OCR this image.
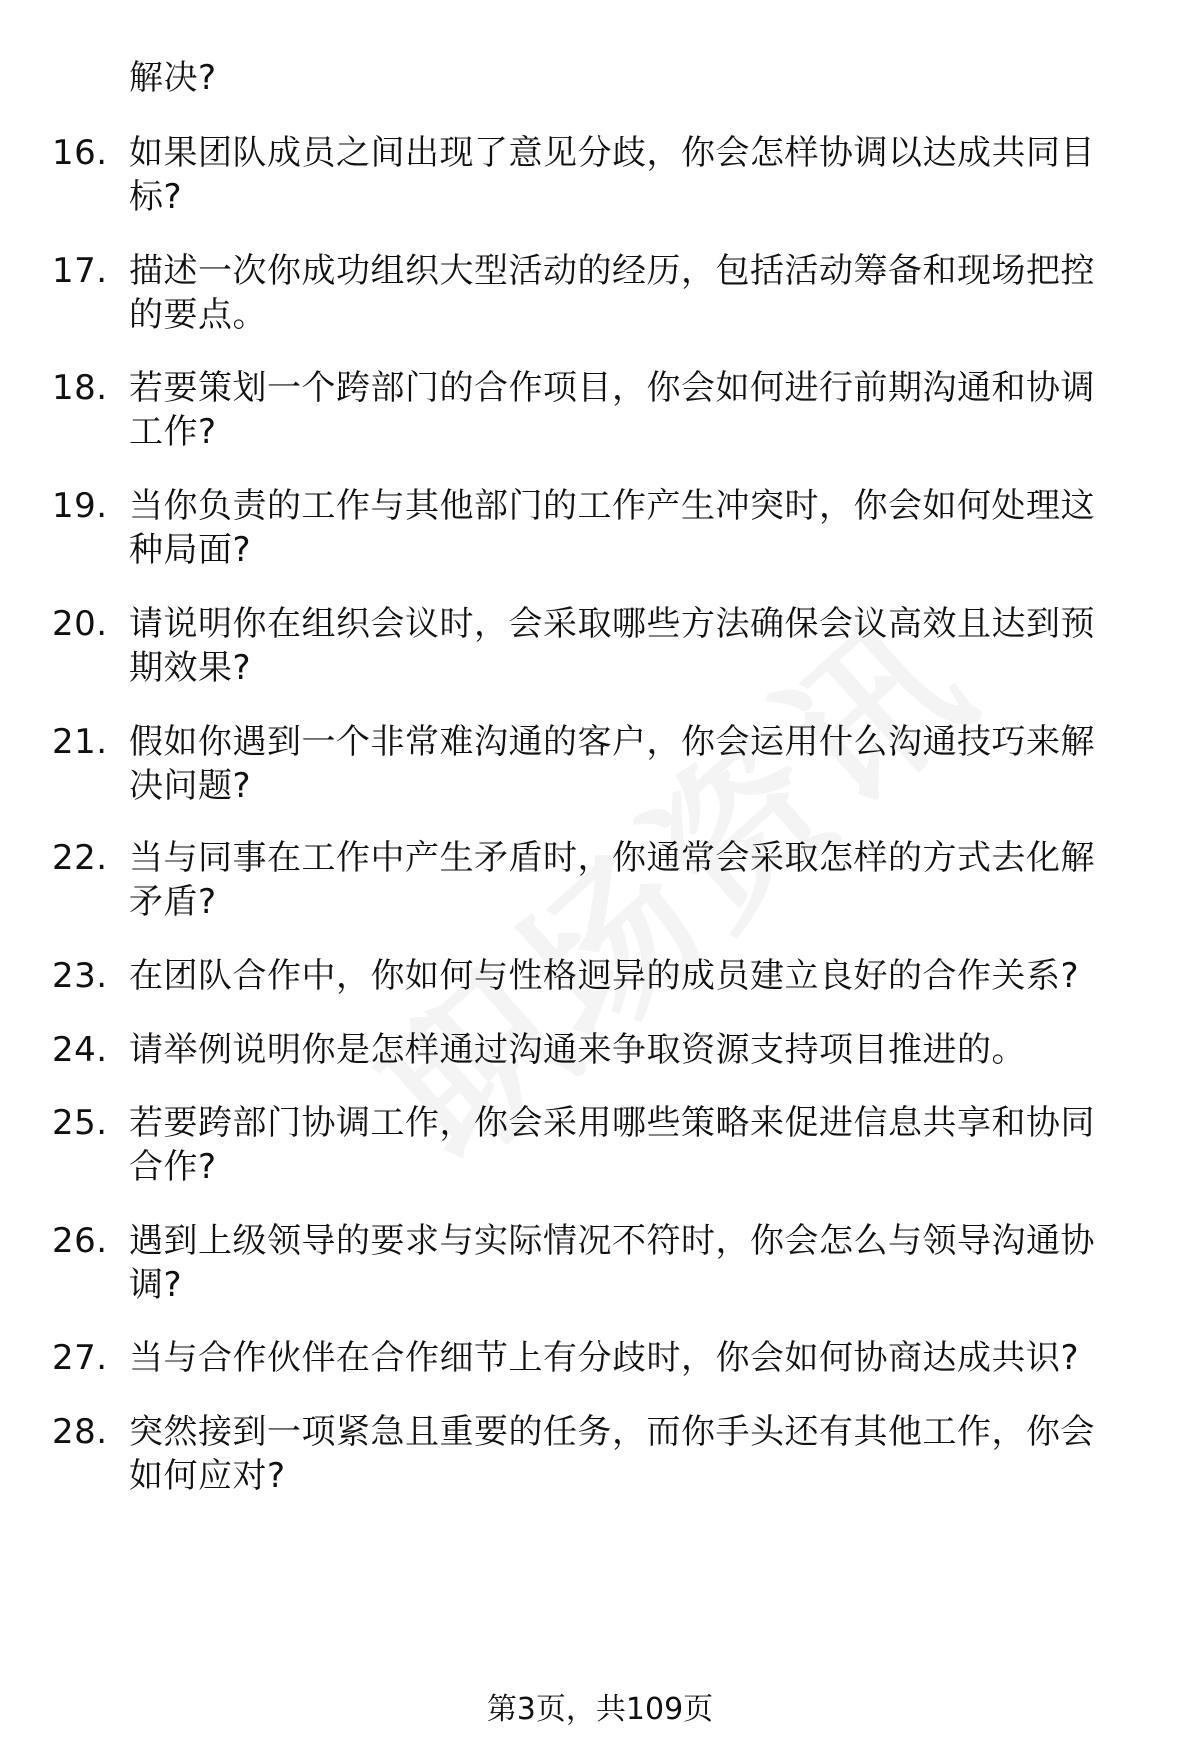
解决?
16. 如果团队成员之间出现了意见分歧，你会怎样协调以达成共同目
标?
17. 描述一次你成功组织大型活动的经历，包括活动筹备和现场把控
的要点。
18. 若要策划一个跨部门的合作项目，你会如何进行前期沟通和协调
工作?
19. 当你负责的工作与其他部门的工作产生冲突时，你会如何处理这
种局面?
20. 请说明你在组织会议时，会采取哪些方法确保会议高效且达到预
期效果?
21. 假如你遇到一个非常难沟通的客户，你会运用什么沟通技巧来解
决问题?
22. 当与同事在工作中产生矛盾时，你通常会采取怎样的方式去化解
矛盾?
23. 在团队合作中，你如何与性格迥异的成员建立良好的合作关系?
24. 请举例说明你是怎样通过沟通来争取资源支持项目推进的。
25. 若要跨部门协调工作，你会采用哪些策略来促进信息共享和协同
合作?
26. 遇到上级领导的要求与实际情况不符时，你会怎么与领导沟通协
调?
27. 当与合作伙伴在合作细节上有分歧时，你会如何协商达成共识?
28. 突然接到一项紧急且重要的任务，而你手头还有其他工作，你会
如何应对?
第3页，共109页
